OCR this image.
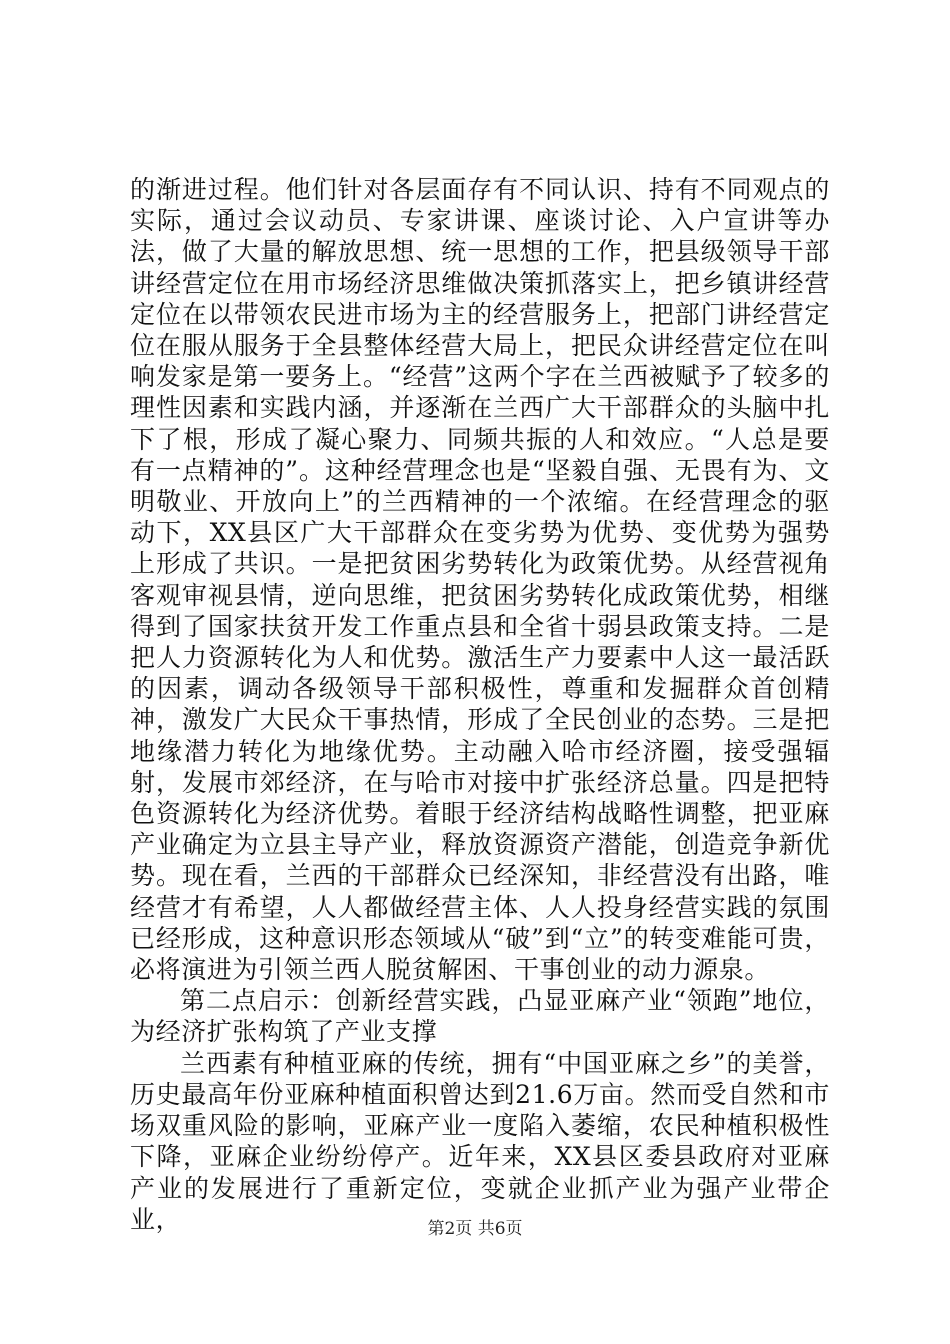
的渐进过程。他们针对各层面存有不同认识、持有不同观点的实际，通过会议动员、专家讲课、座谈讨论、入户宣讲等办法，做了大量的解放思想、统一思想的工作，把县级领导干部讲经营定位在用市场经济思维做决策抓落实上，把乡镇讲经营定位在以带领农民进市场为主的经营服务上，把部门讲经营定位在服从服务于全县整体经营大局上，把民众讲经营定位在叫响发家是第一要务上。“经营”这两个字在兰西被赋予了较多的理性因素和实践内涵，并逐渐在兰西广大干部群众的头脑中扎下了根，形成了凝心聚力、同频共振的人和效应。“人总是要有一点精神的”。这种经营理念也是“坚毅自强、无畏有为、文明敬业、开放向上”的兰西精神的一个浓缩。在经营理念的驱动下，XX县区广大干部群众在变劣势为优势、变优势为强势上形成了共识。一是把贫困劣势转化为政策优势。从经营视角客观审视县情，逆向思维，把贫困劣势转化成政策优势，相继得到了国家扶贫开发工作重点县和全省十弱县政策支持。二是把人力资源转化为人和优势。激活生产力要素中人这一最活跃的因素，调动各级领导干部积极性，尊重和发掘群众首创精神，激发广大民众干事热情，形成了全民创业的态势。三是把地缘潜力转化为地缘优势。主动融入哈市经济圈，接受强辐射，发展市郊经济，在与哈市对接中扩张经济总量。四是把特色资源转化为经济优势。着眼于经济结构战略性调整，把亚麻产业确定为立县主导产业，释放资源资产潜能，创造竞争新优势。现在看，兰西的干部群众已经深知，非经营没有出路，唯经营才有希望，人人都做经营主体、人人投身经营实践的氛围已经形成，这种意识形态领域从“破”到“立”的转变难能可贵，必将演进为引领兰西人脱贫解困、干事创业的动力源泉。

第二点启示：创新经营实践，凸显亚麻产业“领跑”地位，为经济扩张构筑了产业支撑

兰西素有种植亚麻的传统，拥有“中国亚麻之乡”的美誉，历史最高年份亚麻种植面积曾达到21.6万亩。然而受自然和市场双重风险的影响，亚麻产业一度陷入萎缩，农民种植积极性下降，亚麻企业纷纷停产。近年来，XX县区委县政府对亚麻产业的发展进行了重新定位，变就企业抓产业为强产业带企业，	第2页 共6页
